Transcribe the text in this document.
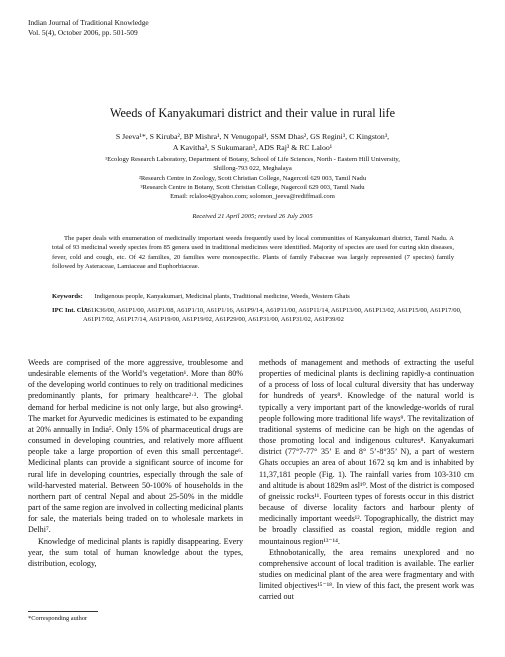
Indian Journal of Traditional Knowledge
Vol. 5(4), October 2006, pp. 501-509
Weeds of Kanyakumari district and their value in rural life
S Jeeva¹*, S Kiruba², BP Mishra¹, N Venugopal¹, SSM Dhas², GS Regini³, C Kingston³,
A Kavitha³, S Sukumaran³, ADS Raj³ & RC Laloo¹
¹Ecology Research Laboratory, Department of Botany, School of Life Sciences, North - Eastern Hill University,
Shillong-793 022, Meghalaya
²Research Centre in Zoology, Scott Christian College, Nagercoil 629 003, Tamil Nadu
³Research Centre in Botany, Scott Christian College, Nagercoil 629 003, Tamil Nadu
Email: rclaloo4@yahoo.com; solomon_jeeva@rediffmail.com
Received 21 April 2005; revised 26 July 2005
The paper deals with enumeration of medicinally important weeds frequently used by local communities of Kanyakumari district, Tamil Nadu. A total of 93 medicinal weedy species from 85 genera used in traditional medicines were identified. Majority of species are used for curing skin diseases, fever, cold and cough, etc. Of 42 families, 20 families were monospecific. Plants of family Fabaceae was largely represented (7 species) family followed by Asteraceae, Lamiaceae and Euphorbiaceae.
Keywords: Indigenous people, Kanyakumari, Medicinal plants, Traditional medicine, Weeds, Western Ghats
IPC Int. Cl.⁸:
A61K36/00, A61P1/00, A61P1/08, A61P1/10, A61P1/16, A61P9/14, A61P11/00, A61P11/14, A61P13/00, A61P13/02, A61P15/00, A61P17/00, A61P17/02, A61P17/14, A61P19/00, A61P19/02, A61P29/00, A61P31/00, A61P31/02, A61P39/02

Weeds are comprised of the more aggressive, troublesome and undesirable elements of the World’s vegetation¹. More than 80% of the developing world continues to rely on traditional medicines predominantly plants, for primary healthcare²·³. The global demand for herbal medicine is not only large, but also growing⁴. The market for Ayurvedic medicines is estimated to be expanding at 20% annually in India⁵. Only 15% of pharmaceutical drugs are consumed in developing countries, and relatively more affluent people take a large proportion of even this small percentage⁶. Medicinal plants can provide a significant source of income for rural life in developing countries, especially through the sale of wild-harvested material. Between 50-100% of households in the northern part of central Nepal and about 25-50% in the middle part of the same region are involved in collecting medicinal plants for sale, the materials being traded on to wholesale markets in Delhi⁷.

Knowledge of medicinal plants is rapidly disappearing. Every year, the sum total of human knowledge about the types, distribution, ecology,

methods of management and methods of extracting the useful properties of medicinal plants is declining rapidly-a continuation of a process of loss of local cultural diversity that has underway for hundreds of years⁸. Knowledge of the natural world is typically a very important part of the knowledge-worlds of rural people following more traditional life ways⁹. The revitalization of traditional systems of medicine can be high on the agendas of those promoting local and indigenous cultures⁸. Kanyakumari district (77°7-77° 35’ E and 8° 5’-8°35’ N), a part of western Ghats occupies an area of about 1672 sq km and is inhabited by 11,37,181 people (Fig. 1). The rainfall varies from 103-310 cm and altitude is about 1829m asl¹⁰. Most of the district is composed of gneissic rocks¹¹. Fourteen types of forests occur in this district because of diverse locality factors and harbour plenty of medicinally important weeds¹². Topographically, the district may be broadly classified as coastal region, middle region and mountainous region¹³⁻¹⁴.

Ethnobotanically, the area remains unexplored and no comprehensive account of local tradition is available. The earlier studies on medicinal plant of the area were fragmentary and with limited objectives¹⁵⁻¹⁸. In view of this fact, the present work was carried out

*Corresponding author
